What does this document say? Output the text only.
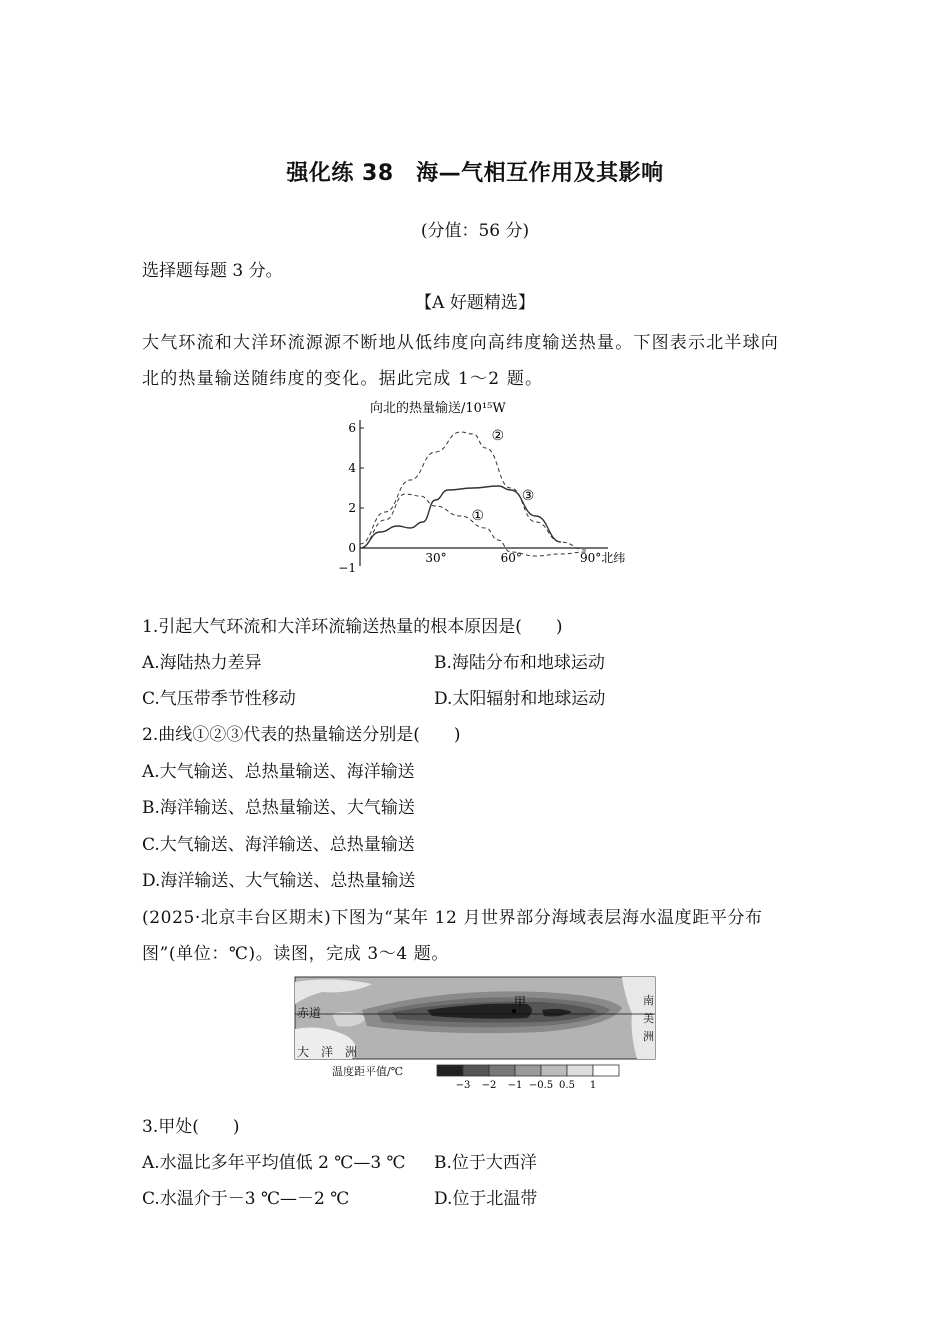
强化练 38　海—气相互作用及其影响
(分值：56 分)
选择题每题 3 分。
【A 好题精选】
大气环流和大洋环流源源不断地从低纬度向高纬度输送热量。下图表示北半球向
北的热量输送随纬度的变化。据此完成 1～2 题。
向北的热量输送/10¹⁵W
6
4
2
0
−1
30°	60°	90°北纬
①
②
③
1.引起大气环流和大洋环流输送热量的根本原因是(　　)
A.海陆热力差异	B.海陆分布和地球运动
C.气压带季节性移动	D.太阳辐射和地球运动
2.曲线①②③代表的热量输送分别是(　　)
A.大气输送、总热量输送、海洋输送
B.海洋输送、总热量输送、大气输送
C.大气输送、海洋输送、总热量输送
D.海洋输送、大气输送、总热量输送
(2025·北京丰台区期末)下图为“某年 12 月世界部分海域表层海水温度距平分布
图”(单位：℃)。读图，完成 3～4 题。
赤道
甲
大　洋　洲
南美洲
温度距平值/℃
−3 −2 −1 −0.5 0.5 1
3.甲处(　　)
A.水温比多年平均值低 2 ℃—3 ℃ B.位于大西洋
C.水温介于－3 ℃—－2 ℃	D.位于北温带
